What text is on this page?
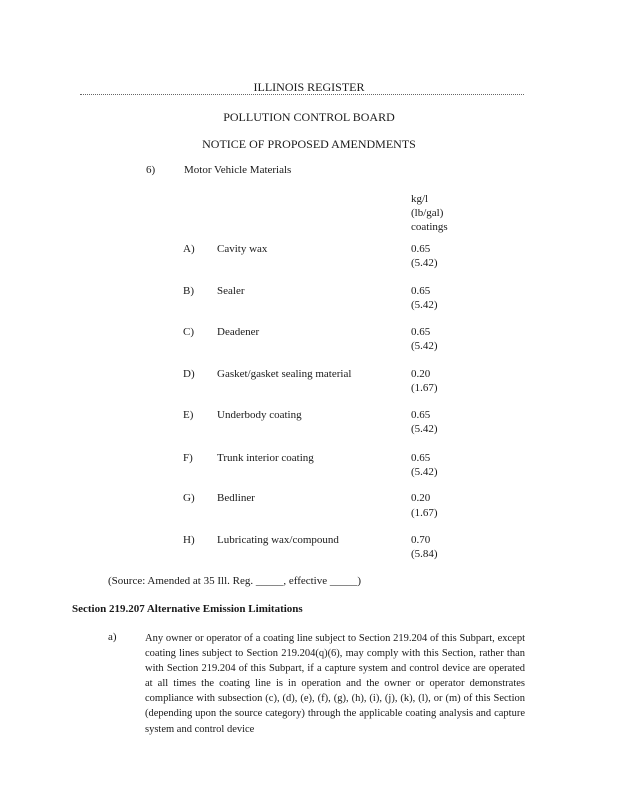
ILLINOIS REGISTER
POLLUTION CONTROL BOARD
NOTICE OF PROPOSED AMENDMENTS
6)	Motor Vehicle Materials
kg/l
(lb/gal)
coatings
A) Cavity wax	0.65
(5.42)
B) Sealer	0.65
(5.42)
C) Deadener	0.65
(5.42)
D) Gasket/gasket sealing material	0.20
(1.67)
E) Underbody coating	0.65
(5.42)
F) Trunk interior coating	0.65
(5.42)
G) Bedliner	0.20
(1.67)
H) Lubricating wax/compound	0.70
(5.84)
(Source: Amended at 35 Ill. Reg. _____, effective _____)
Section 219.207 Alternative Emission Limitations
a)	Any owner or operator of a coating line subject to Section 219.204 of this Subpart, except coating lines subject to Section 219.204(q)(6), may comply with this Section, rather than with Section 219.204 of this Subpart, if a capture system and control device are operated at all times the coating line is in operation and the owner or operator demonstrates compliance with subsection (c), (d), (e), (f), (g), (h), (i), (j), (k), (l), or (m) of this Section (depending upon the source category) through the applicable coating analysis and capture system and control device
